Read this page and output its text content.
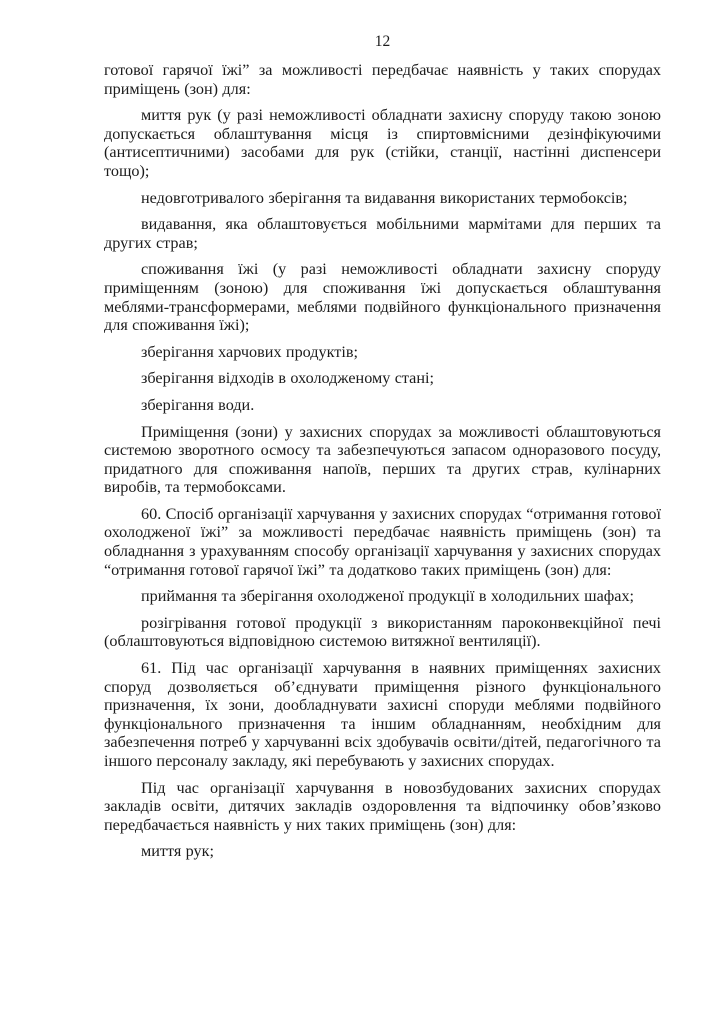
12

готової гарячої їжі” за можливості передбачає наявність у таких спорудах приміщень (зон) для:

миття рук (у разі неможливості обладнати захисну споруду такою зоною допускається облаштування місця із спиртовмісними дезінфікуючими (антисептичними) засобами для рук (стійки, станції, настінні диспенсери тощо);

недовготривалого зберігання та видавання використаних термобоксів;

видавання, яка облаштовується мобільними мармітами для перших та других страв;

споживання їжі (у разі неможливості обладнати захисну споруду приміщенням (зоною) для споживання їжі допускається облаштування меблями-трансформерами, меблями подвійного функціонального призначення для споживання їжі);

зберігання харчових продуктів;

зберігання відходів в охолодженому стані;

зберігання води.

Приміщення (зони) у захисних спорудах за можливості облаштовуються системою зворотного осмосу та забезпечуються запасом одноразового посуду, придатного для споживання напоїв, перших та других страв, кулінарних виробів, та термобоксами.

60. Спосіб організації харчування у захисних спорудах “отримання готової охолодженої їжі” за можливості передбачає наявність приміщень (зон) та обладнання з урахуванням способу організації харчування у захисних спорудах “отримання готової гарячої їжі” та додатково таких приміщень (зон) для:

приймання та зберігання охолодженої продукції в холодильних шафах;

розігрівання готової продукції з використанням пароконвекційної печі (облаштовуються відповідною системою витяжної вентиляції).

61. Під час організації харчування в наявних приміщеннях захисних споруд дозволяється об’єднувати приміщення різного функціонального призначення, їх зони, дообладнувати захисні споруди меблями подвійного функціонального призначення та іншим обладнанням, необхідним для забезпечення потреб у харчуванні всіх здобувачів освіти/дітей, педагогічного та іншого персоналу закладу, які перебувають у захисних спорудах.

Під час організації харчування в новозбудованих захисних спорудах закладів освіти, дитячих закладів оздоровлення та відпочинку обов’язково передбачається наявність у них таких приміщень (зон) для:

миття рук;
